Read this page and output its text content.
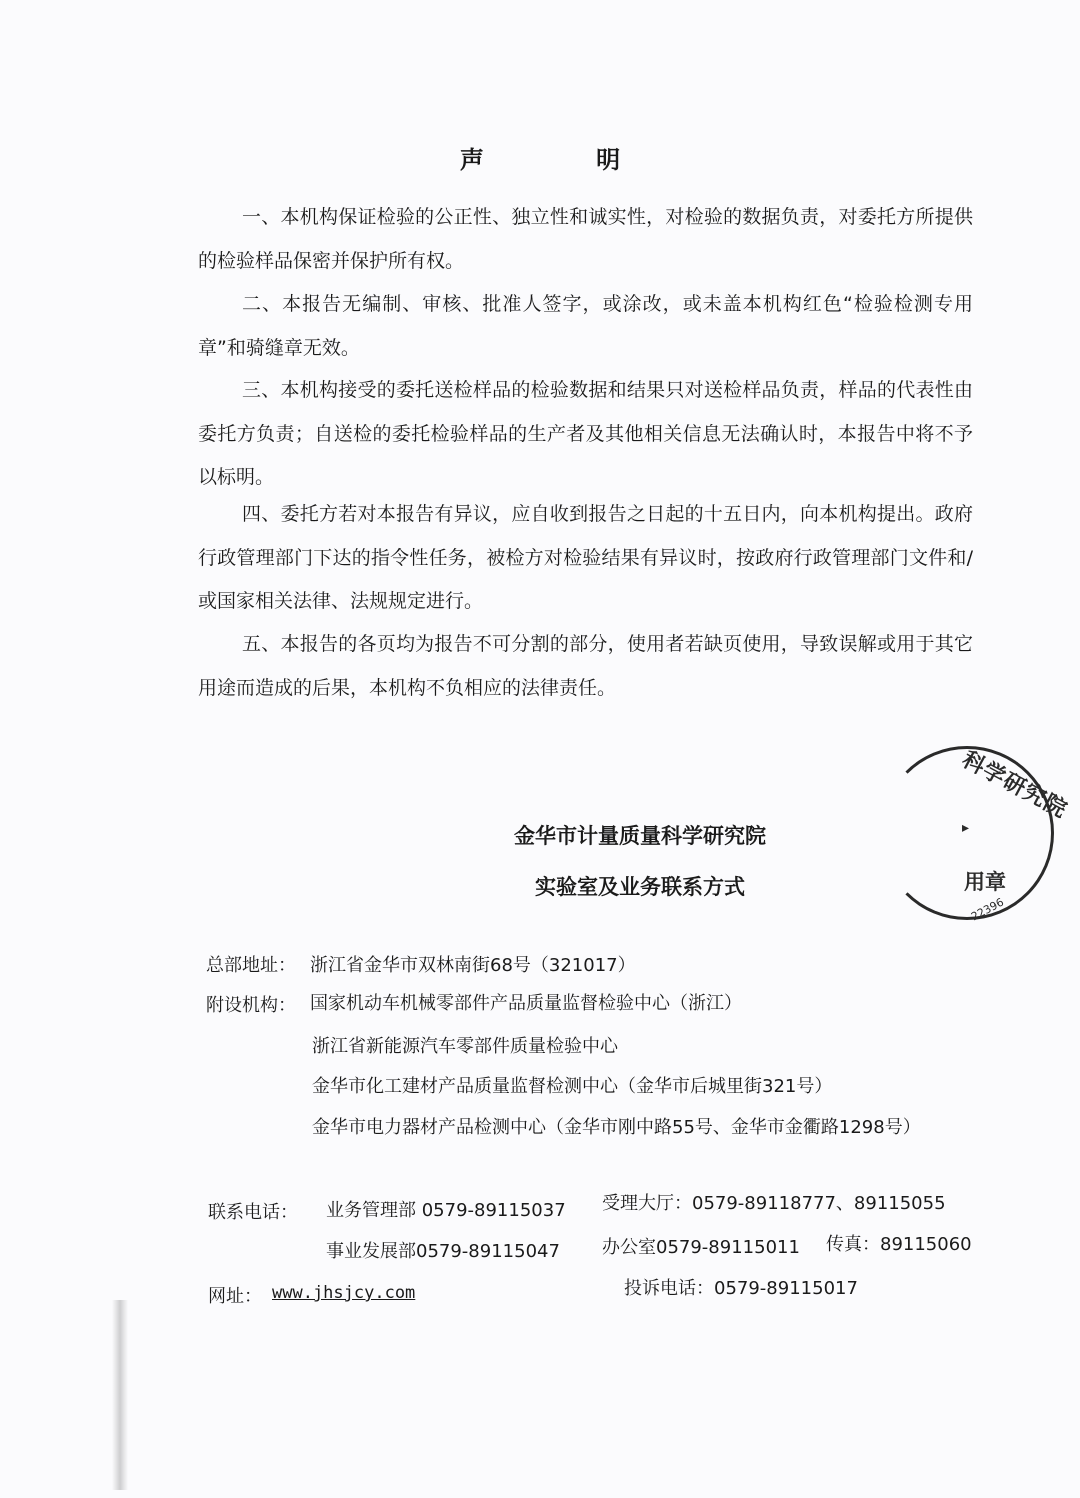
声 明
一、本机构保证检验的公正性、独立性和诚实性，对检验的数据负责，对委托方所提供的检验样品保密并保护所有权。
二、本报告无编制、审核、批准人签字，或涂改，或未盖本机构红色“检验检测专用章”和骑缝章无效。
三、本机构接受的委托送检样品的检验数据和结果只对送检样品负责，样品的代表性由委托方负责；自送检的委托检验样品的生产者及其他相关信息无法确认时，本报告中将不予以标明。
四、委托方若对本报告有异议，应自收到报告之日起的十五日内，向本机构提出。政府行政管理部门下达的指令性任务，被检方对检验结果有异议时，按政府行政管理部门文件和/或国家相关法律、法规规定进行。
五、本报告的各页均为报告不可分割的部分，使用者若缺页使用，导致误解或用于其它用途而造成的后果，本机构不负相应的法律责任。
科学研究院
▸
用章
22396
金华市计量质量科学研究院
实验室及业务联系方式
总部地址： 浙江省金华市双林南街68号（321017）
附设机构： 国家机动车机械零部件产品质量监督检验中心（浙江）
浙江省新能源汽车零部件质量检验中心
金华市化工建材产品质量监督检测中心（金华市后城里街321号）
金华市电力器材产品检测中心（金华市刚中路55号、金华市金衢路1298号）
联系电话： 业务管理部 0579-89115037 受理大厅：0579-89118777、89115055
事业发展部0579-89115047 办公室0579-89115011 传真：89115060
网址： www.jhsjcy.com	投诉电话：0579-89115017
